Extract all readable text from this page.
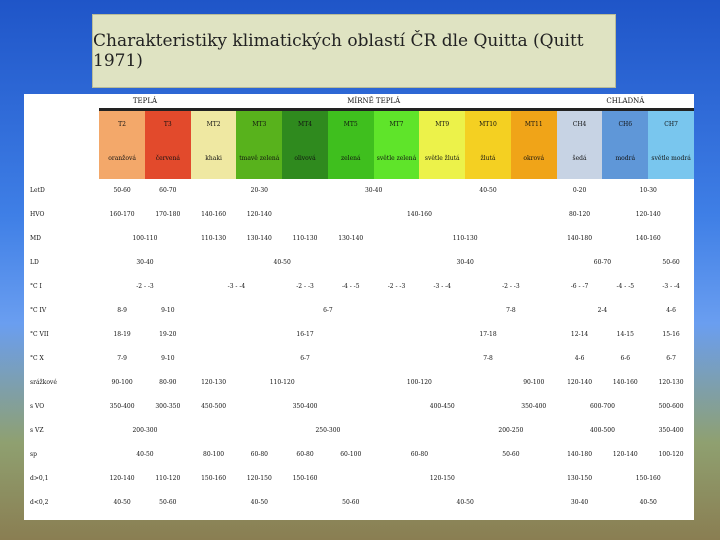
Charakteristiky klimatických oblastí ČR dle Quitta (Quitt 1971)
	TEPLÁ		MÍRNĚ TEPLÁ								CHLADNÁ		
	T2	T3	MT2	MT3	MT4	MT5	MT7	MT9	MT10	MT11	CH4	CH6	CH7
	oranžová	červená	khaki	tmavě zelená	olivová	zelená	světle zelená	světle žlutá	žlutá	okrová	šedá	modrá	světle modrá
LetD	50-60	60-70	20-30			30-40		40-50			0-20	10-30	
HVO	160-170	170-180	140-160	120-140	140-160						80-120	120-140	
MD	100-110		110-130	130-140	110-130	130-140	110-130				140-180	140-160	
LD	30-40		40-50				30-40				60-70		50-60
°C I	-2 - -3		-3 - -4		-2 - -3	-4 - -5	-2 - -3	-3 - -4	-2 - -3		-6 - -7	-4 - -5	-3 - -4
°C IV	8-9	9-10	6-7						7-8		2-4		4-6
°C VII	18-19	19-20	16-17					17-18			12-14	14-15	15-16
°C X	7-9	9-10	6-7					7-8			4-6	6-6	6-7
srážkové	90-100	80-90	120-130	110-120		100-120				90-100	120-140	140-160	120-130
s VO	350-400	300-350	450-500	350-400			400-450			350-400	600-700		500-600
s VZ	200-300		250-300						200-250		400-500		350-400
sp	40-50		80-100	60-80	60-80	60-100	60-80		50-60		140-180	120-140	100-120
d>0,1	120-140	110-120	150-160	120-150	150-160	120-150					130-150	150-160	
d<0,2	40-50	50-60	40-50			50-60	40-50				30-40	40-50	
